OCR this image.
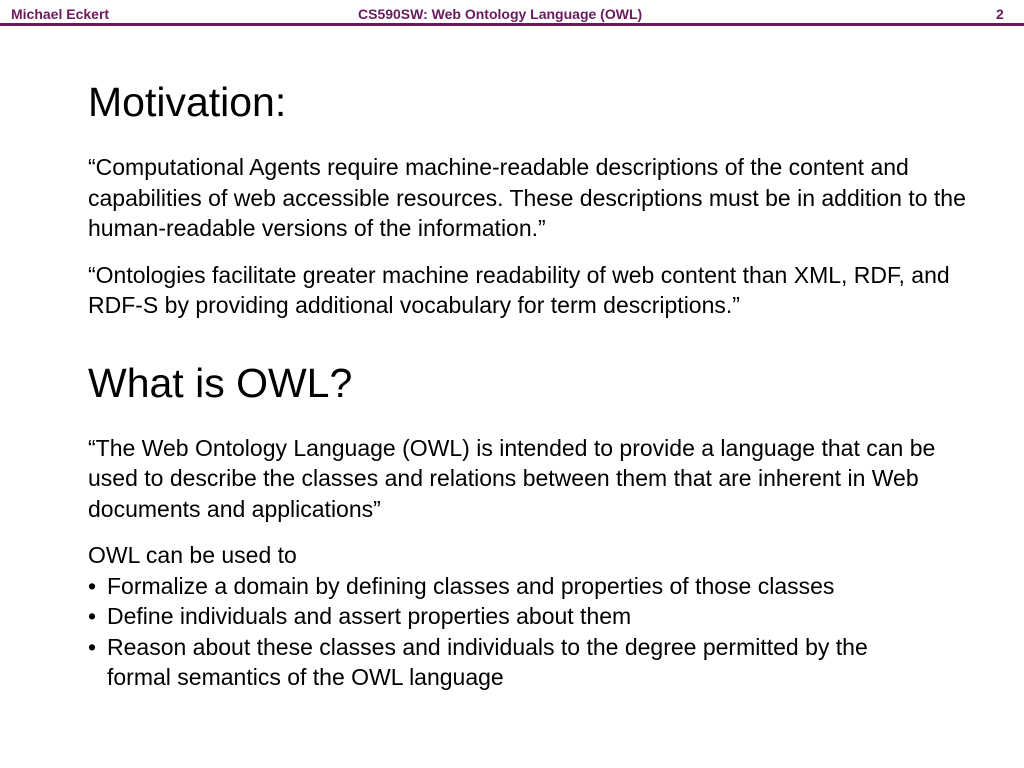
Michael Eckert	CS590SW: Web Ontology Language (OWL)	2
Motivation:

“Computational Agents require machine-readable descriptions of the content and capabilities of web accessible resources. These descriptions must be in addition to the human-readable versions of the information.”

“Ontologies facilitate greater machine readability of web content than XML, RDF, and RDF-S by providing additional vocabulary for term descriptions.”

What is OWL?

“The Web Ontology Language (OWL) is intended to provide a language that can be used to describe the classes and relations between them that are inherent in Web documents and applications”

OWL can be used to

• Formalize a domain by defining classes and properties of those classes
• Define individuals and assert properties about them
• Reason about these classes and individuals to the degree permitted by the formal semantics of the OWL language
